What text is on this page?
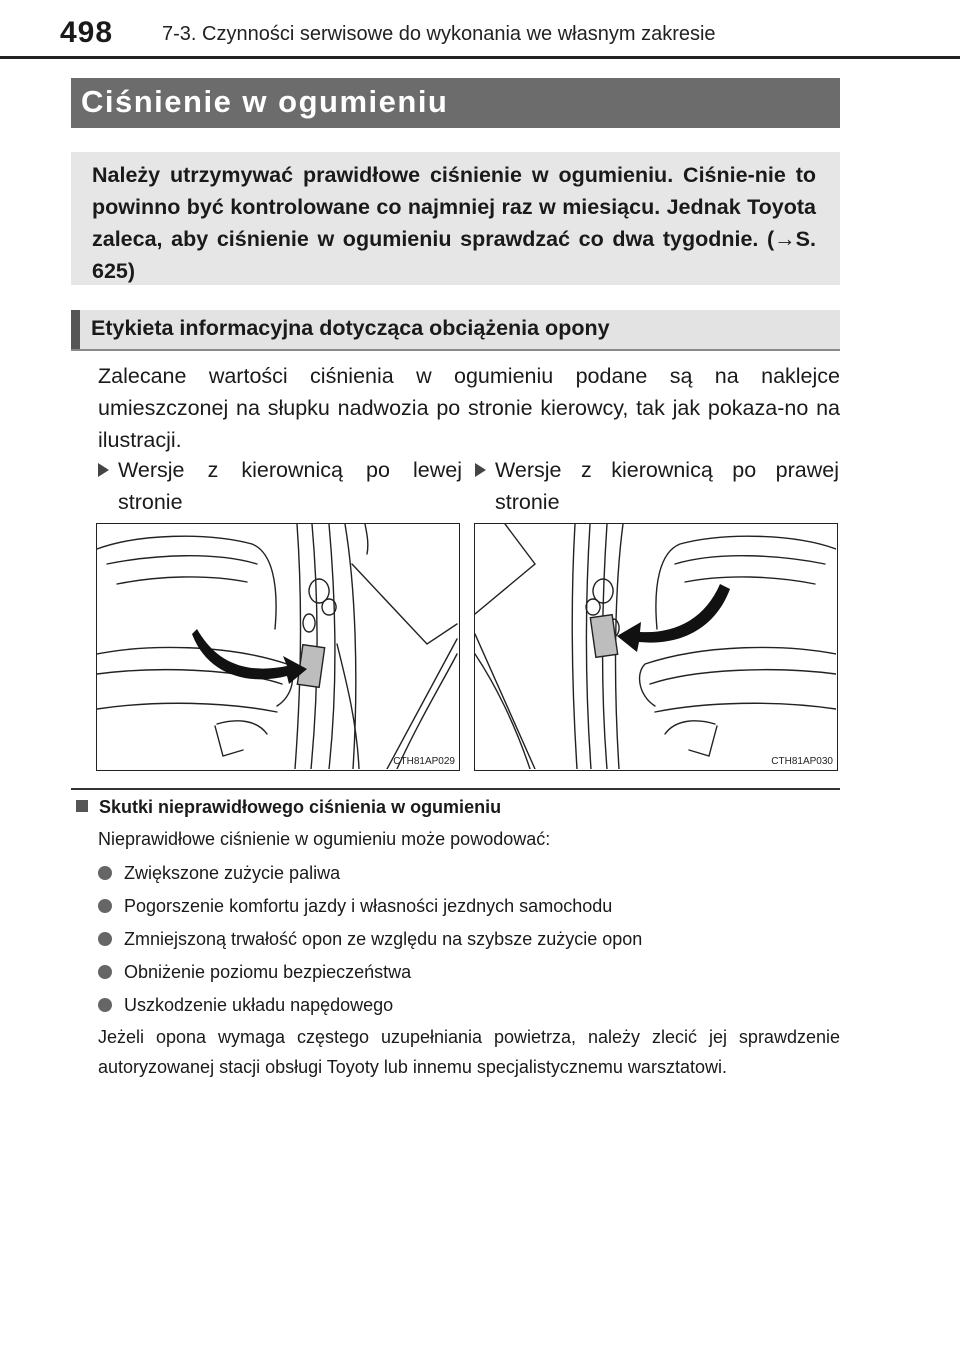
498 7-3. Czynności serwisowe do wykonania we własnym zakresie
Ciśnienie w ogumieniu

Należy utrzymywać prawidłowe ciśnienie w ogumieniu. Ciśnie-nie to powinno być kontrolowane co najmniej raz w miesiącu. Jednak Toyota zaleca, aby ciśnienie w ogumieniu sprawdzać co dwa tygodnie. (→S. 625)

Etykieta informacyjna dotycząca obciążenia opony

Zalecane wartości ciśnienia w ogumieniu podane są na naklejce umieszczonej na słupku nadwozia po stronie kierowcy, tak jak pokaza-no na ilustracji.

Wersje z kierownicą po lewej stronie
Wersje z kierownicą po prawej stronie
CTH81AP029	CTH81AP030
Skutki nieprawidłowego ciśnienia w ogumieniu
Nieprawidłowe ciśnienie w ogumieniu może powodować:
Zwiększone zużycie paliwa
Pogorszenie komfortu jazdy i własności jezdnych samochodu
Zmniejszoną trwałość opon ze względu na szybsze zużycie opon
Obniżenie poziomu bezpieczeństwa
Uszkodzenie układu napędowego

Jeżeli opona wymaga częstego uzupełniania powietrza, należy zlecić jej sprawdzenie autoryzowanej stacji obsługi Toyoty lub innemu specjalistycznemu warsztatowi.
